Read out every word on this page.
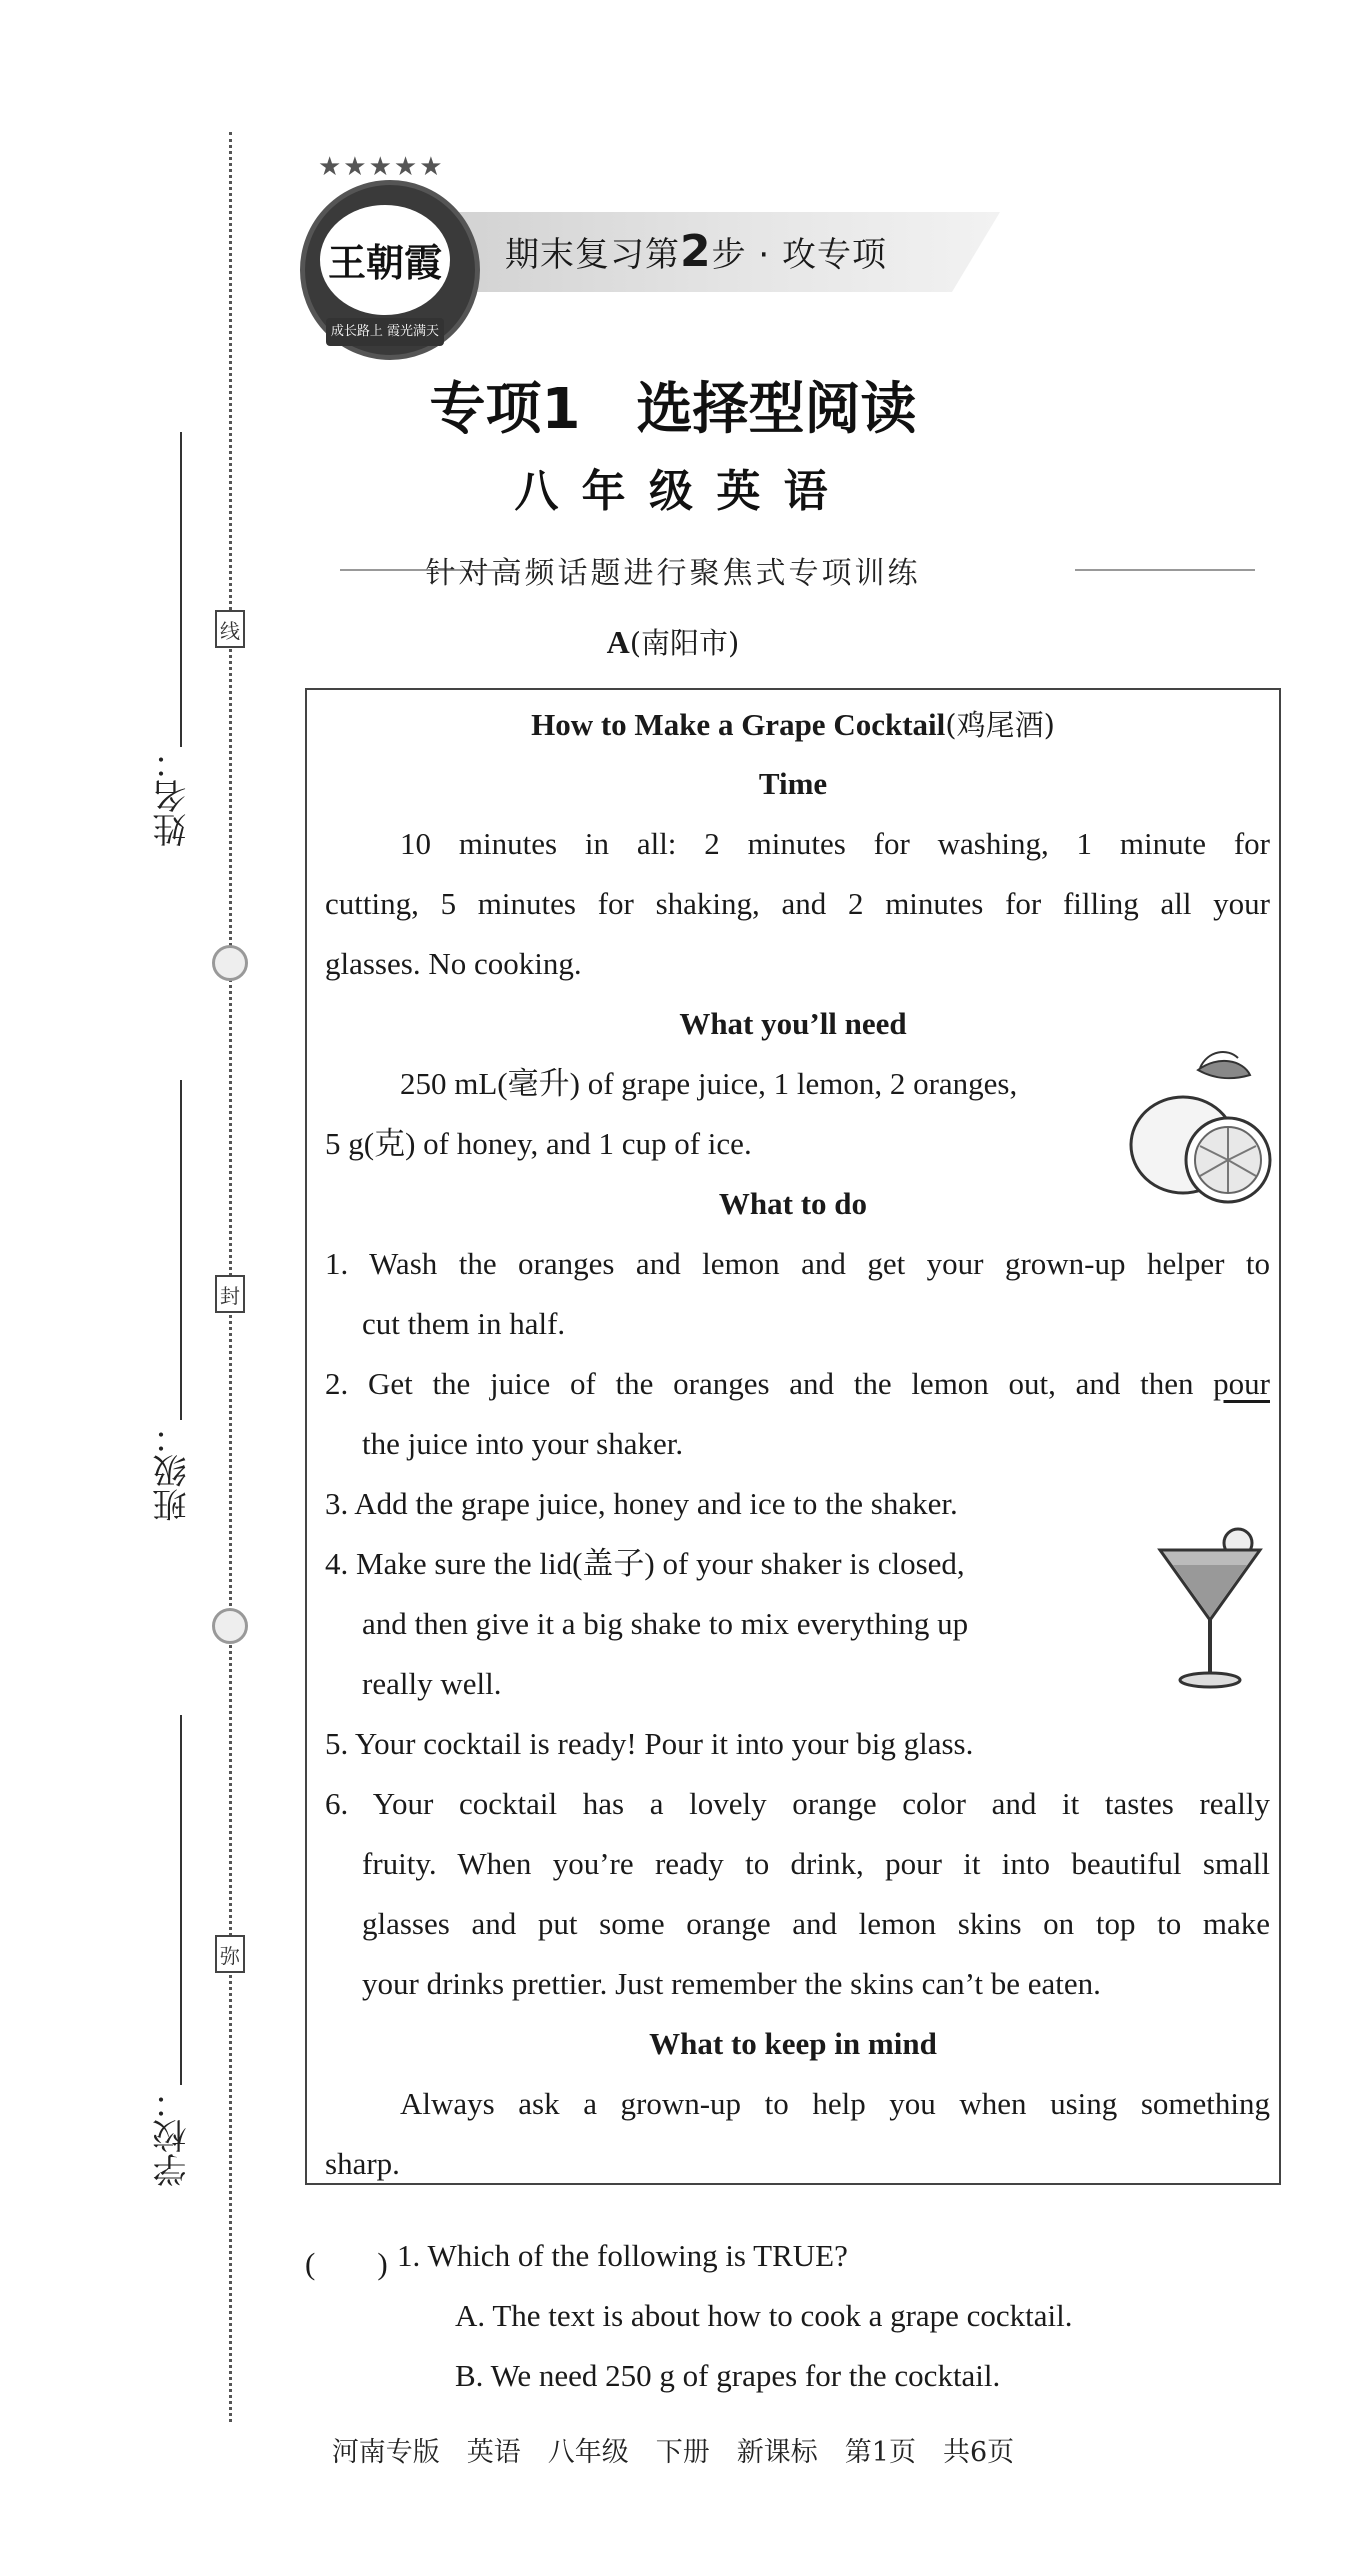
姓名：
班级：
学校：
线
封
弥
期末复习第2步 · 攻专项
★★★★★
王朝霞
成长路上 霞光满天
专项1　选择型阅读
八 年 级 英 语
针对高频话题进行聚焦式专项训练
A(南阳市)
How to Make a Grape Cocktail(鸡尾酒)
Time
10 minutes in all: 2 minutes for washing, 1 minute for
cutting, 5 minutes for shaking, and 2 minutes for filling all your
glasses. No cooking.
What you’ll need
250 mL(毫升) of grape juice, 1 lemon, 2 oranges,
5 g(克) of honey, and 1 cup of ice.
What to do
1. Wash the oranges and lemon and get your grown-up helper to
cut them in half.
2. Get the juice of the oranges and the lemon out, and then pour
the juice into your shaker.
3. Add the grape juice, honey and ice to the shaker.
4. Make sure the lid(盖子) of your shaker is closed,
and then give it a big shake to mix everything up
really well.
5. Your cocktail is ready! Pour it into your big glass.
6. Your cocktail has a lovely orange color and it tastes really
fruity. When you’re ready to drink, pour it into beautiful small
glasses and put some orange and lemon skins on top to make
your drinks prettier. Just remember the skins can’t be eaten.
What to keep in mind
Always ask a grown-up to help you when using something
sharp.
(　　) 1. Which of the following is TRUE?
A. The text is about how to cook a grape cocktail.
B. We need 250 g of grapes for the cocktail.
河南专版　英语　八年级　下册　新课标　第1页　共6页
